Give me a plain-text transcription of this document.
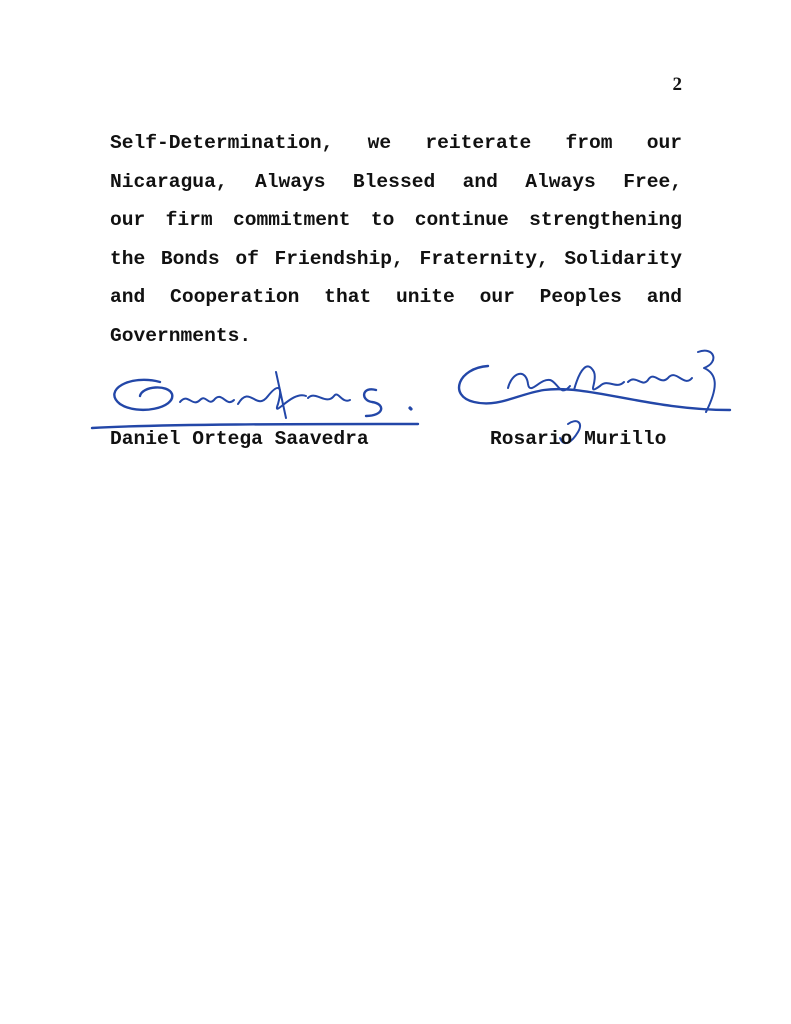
2

Self-Determination, we reiterate from our
Nicaragua, Always Blessed and Always Free,
our firm commitment to continue strengthening
the Bonds of Friendship, Fraternity, Solidarity
and Cooperation that unite our Peoples and
Governments.

Daniel Ortega Saavedra	Rosario Murillo
